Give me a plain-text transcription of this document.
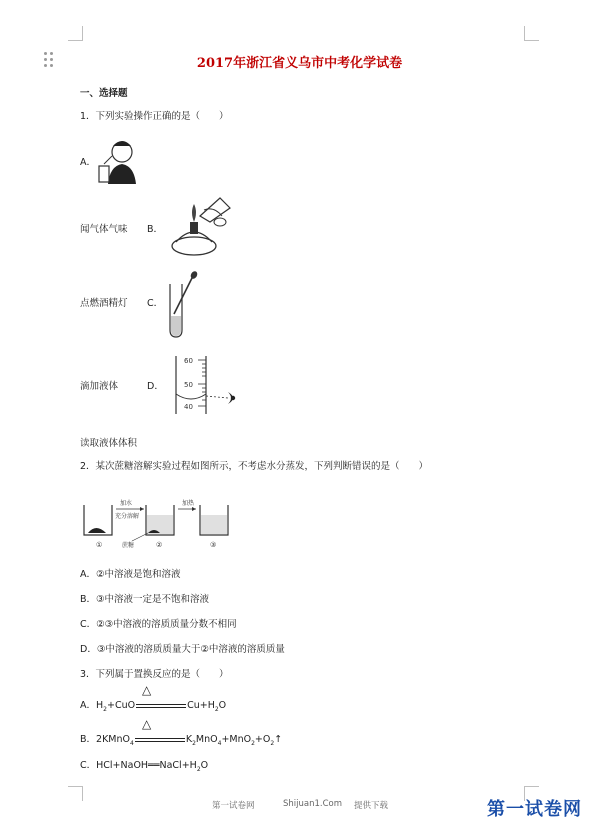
2017年浙江省义乌市中考化学试卷
一、选择题
1．下列实验操作正确的是（　　）
A．
闻气体气味 B．
点燃酒精灯 C．
滴加液体	D．
60
50
40
读取液体体积
2．某次蔗糖溶解实验过程如图所示，不考虑水分蒸发，下列判断错误的是（　　）
①
加水
充分溶解
②
蔗糖
加热
③
A．②中溶液是饱和溶液
B．③中溶液一定是不饱和溶液
C．②③中溶液的溶质质量分数不相同
D．③中溶液的溶质质量大于②中溶液的溶质质量
3．下列属于置换反应的是（　　）
△
A．$H_2+CuO$	$Cu+H_2O$
△
B．2KMnO$_4$	$K_2MnO_4+MnO_2+O_2↑$
C．$HCl+NaOH══NaCl+H_2O$
第一试卷网	Shijuan1.Com 提供下载	第一试卷网
